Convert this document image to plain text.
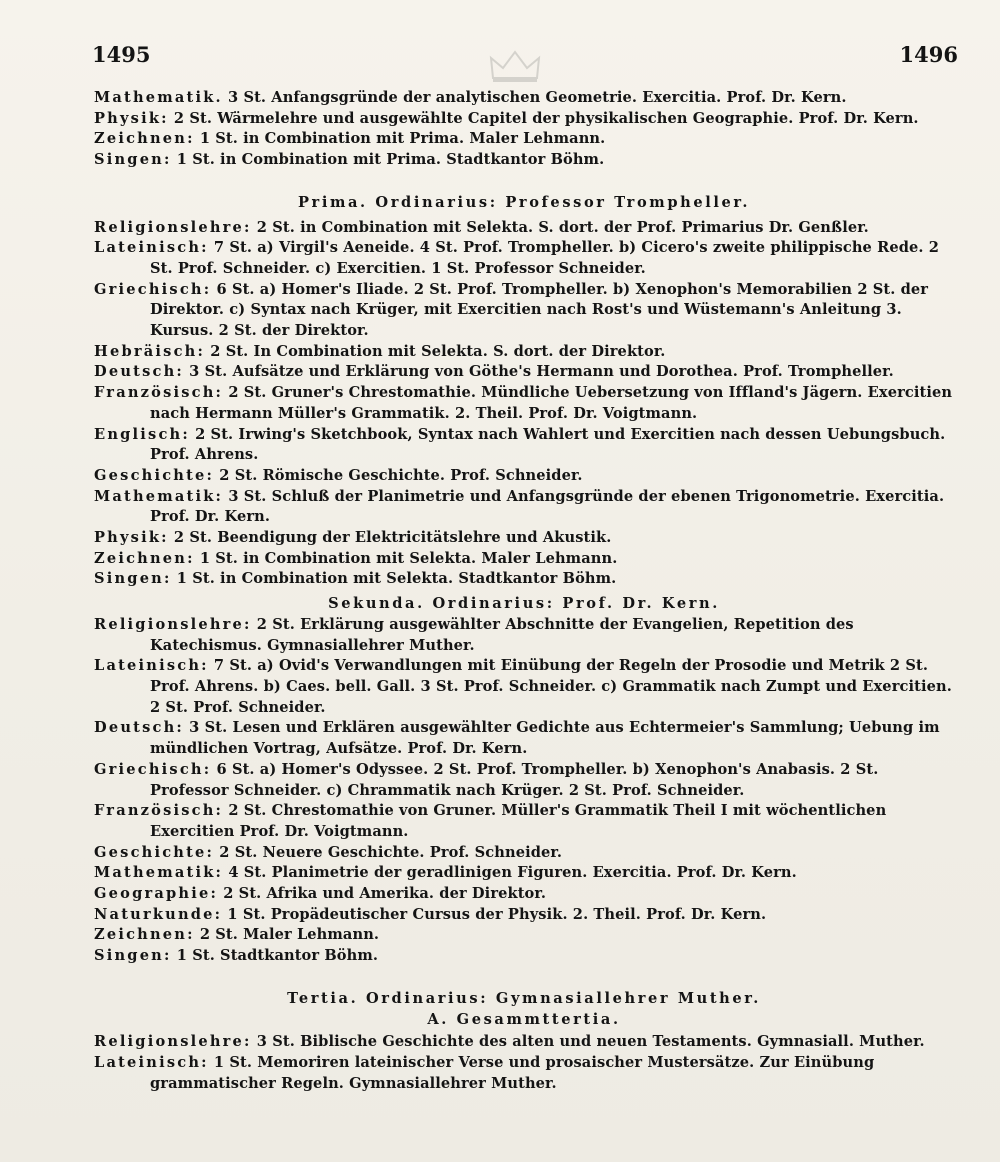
1495	1496

Mathematik. 3 St. Anfangsgründe der analytischen Geometrie. Exercitia. Prof. Dr. Kern.

Physik: 2 St. Wärmelehre und ausgewählte Capitel der physikalischen Geographie. Prof. Dr. Kern.

Zeichnen: 1 St. in Combination mit Prima. Maler Lehmann.

Singen: 1 St. in Combination mit Prima. Stadtkantor Böhm.

Prima. Ordinarius: Professor Trompheller.

Religionslehre: 2 St. in Combination mit Selekta. S. dort. der Prof. Primarius Dr. Genßler.

Lateinisch: 7 St. a) Virgil's Aeneide. 4 St. Prof. Trompheller. b) Cicero's zweite philippische Rede. 2 St. Prof. Schneider. c) Exercitien. 1 St. Professor Schneider.

Griechisch: 6 St. a) Homer's Iliade. 2 St. Prof. Trompheller. b) Xenophon's Memorabilien 2 St. der Direktor. c) Syntax nach Krüger, mit Exercitien nach Rost's und Wüstemann's Anleitung 3. Kursus. 2 St. der Direktor.

Hebräisch: 2 St. In Combination mit Selekta. S. dort. der Direktor.

Deutsch: 3 St. Aufsätze und Erklärung von Göthe's Hermann und Dorothea. Prof. Trompheller.

Französisch: 2 St. Gruner's Chrestomathie. Mündliche Uebersetzung von Iffland's Jägern. Exercitien nach Hermann Müller's Grammatik. 2. Theil. Prof. Dr. Voigtmann.

Englisch: 2 St. Irwing's Sketchbook, Syntax nach Wahlert und Exercitien nach dessen Uebungsbuch. Prof. Ahrens.

Geschichte: 2 St. Römische Geschichte. Prof. Schneider.

Mathematik: 3 St. Schluß der Planimetrie und Anfangsgründe der ebenen Trigonometrie. Exercitia. Prof. Dr. Kern.

Physik: 2 St. Beendigung der Elektricitätslehre und Akustik.

Zeichnen: 1 St. in Combination mit Selekta. Maler Lehmann.

Singen: 1 St. in Combination mit Selekta. Stadtkantor Böhm.

Sekunda. Ordinarius: Prof. Dr. Kern.

Religionslehre: 2 St. Erklärung ausgewählter Abschnitte der Evangelien, Repetition des Katechismus. Gymnasiallehrer Muther.

Lateinisch: 7 St. a) Ovid's Verwandlungen mit Einübung der Regeln der Prosodie und Metrik 2 St. Prof. Ahrens. b) Caes. bell. Gall. 3 St. Prof. Schneider. c) Grammatik nach Zumpt und Exercitien. 2 St. Prof. Schneider.

Deutsch: 3 St. Lesen und Erklären ausgewählter Gedichte aus Echtermeier's Sammlung; Uebung im mündlichen Vortrag, Aufsätze. Prof. Dr. Kern.

Griechisch: 6 St. a) Homer's Odyssee. 2 St. Prof. Trompheller. b) Xenophon's Anabasis. 2 St. Professor Schneider. c) Chrammatik nach Krüger. 2 St. Prof. Schneider.

Französisch: 2 St. Chrestomathie von Gruner. Müller's Grammatik Theil I mit wöchentlichen Exercitien Prof. Dr. Voigtmann.

Geschichte: 2 St. Neuere Geschichte. Prof. Schneider.

Mathematik: 4 St. Planimetrie der geradlinigen Figuren. Exercitia. Prof. Dr. Kern.

Geographie: 2 St. Afrika und Amerika. der Direktor.

Naturkunde: 1 St. Propädeutischer Cursus der Physik. 2. Theil. Prof. Dr. Kern.

Zeichnen: 2 St. Maler Lehmann.

Singen: 1 St. Stadtkantor Böhm.

Tertia. Ordinarius: Gymnasiallehrer Muther.

A. Gesammttertia.

Religionslehre: 3 St. Biblische Geschichte des alten und neuen Testaments. Gymnasiall. Muther.

Lateinisch: 1 St. Memoriren lateinischer Verse und prosaischer Mustersätze. Zur Einübung grammatischer Regeln. Gymnasiallehrer Muther.
